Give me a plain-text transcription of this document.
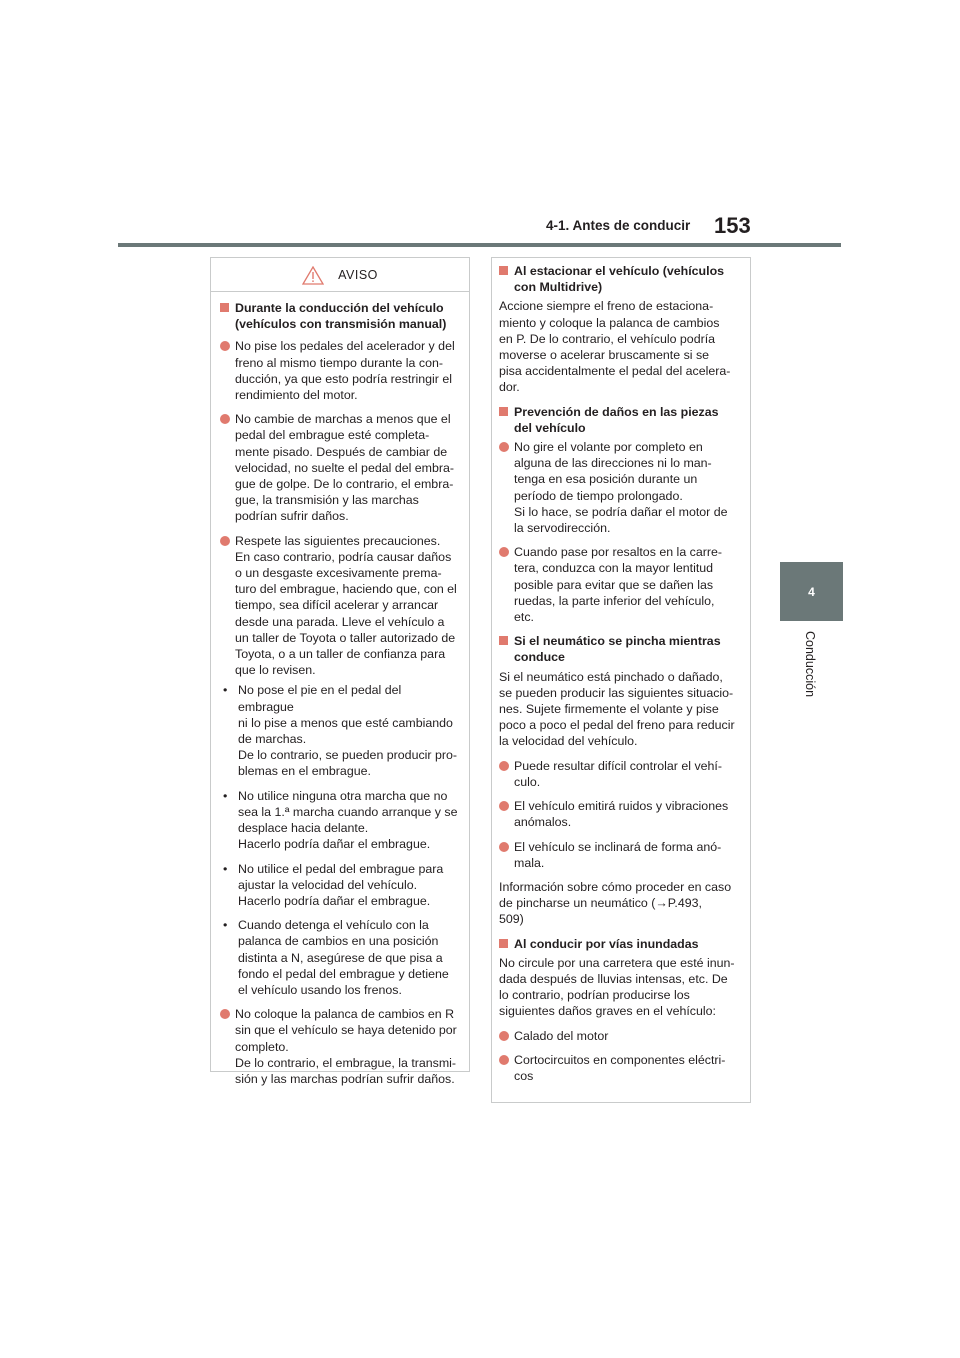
4-1. Antes de conducir 153
4
Conducción
AVISO
Durante la conducción del vehículo
(vehículos con transmisión manual)
No pise los pedales del acelerador y del
freno al mismo tiempo durante la con-
ducción, ya que esto podría restringir el
rendimiento del motor.
No cambie de marchas a menos que el
pedal del embrague esté completa-
mente pisado. Después de cambiar de
velocidad, no suelte el pedal del embra-
gue de golpe. De lo contrario, el embra-
gue, la transmisión y las marchas
podrían sufrir daños.
Respete las siguientes precauciones.
En caso contrario, podría causar daños
o un desgaste excesivamente prema-
turo del embrague, haciendo que, con el
tiempo, sea difícil acelerar y arrancar
desde una parada. Lleve el vehículo a
un taller de Toyota o taller autorizado de
Toyota, o a un taller de confianza para
que lo revisen.
• No pose el pie en el pedal del embrague
ni lo pise a menos que esté cambiando
de marchas.
De lo contrario, se pueden producir pro-
blemas en el embrague.
• No utilice ninguna otra marcha que no
sea la 1.ª marcha cuando arranque y se
desplace hacia delante.
Hacerlo podría dañar el embrague.
• No utilice el pedal del embrague para
ajustar la velocidad del vehículo.
Hacerlo podría dañar el embrague.
• Cuando detenga el vehículo con la
palanca de cambios en una posición
distinta a N, asegúrese de que pisa a
fondo el pedal del embrague y detiene
el vehículo usando los frenos.
No coloque la palanca de cambios en R
sin que el vehículo se haya detenido por
completo.
De lo contrario, el embrague, la transmi-
sión y las marchas podrían sufrir daños.
Al estacionar el vehículo (vehículos
con Multidrive)

Accione siempre el freno de estaciona-
miento y coloque la palanca de cambios
en P. De lo contrario, el vehículo podría
moverse o acelerar bruscamente si se
pisa accidentalmente el pedal del acelera-
dor.

Prevención de daños en las piezas
del vehículo
No gire el volante por completo en
alguna de las direcciones ni lo man-
tenga en esa posición durante un
período de tiempo prolongado.
Si lo hace, se podría dañar el motor de
la servodirección.
Cuando pase por resaltos en la carre-
tera, conduzca con la mayor lentitud
posible para evitar que se dañen las
ruedas, la parte inferior del vehículo,
etc.
Si el neumático se pincha mientras
conduce

Si el neumático está pinchado o dañado,
se pueden producir las siguientes situacio-
nes. Sujete firmemente el volante y pise
poco a poco el pedal del freno para reducir
la velocidad del vehículo.

Puede resultar difícil controlar el vehí-
culo.
El vehículo emitirá ruidos y vibraciones
anómalos.
El vehículo se inclinará de forma anó-
mala.

Información sobre cómo proceder en caso
de pincharse un neumático (→P.493,
509)

Al conducir por vías inundadas

No circule por una carretera que esté inun-
dada después de lluvias intensas, etc. De
lo contrario, podrían producirse los
siguientes daños graves en el vehículo:

Calado del motor
Cortocircuitos en componentes eléctri-
cos
